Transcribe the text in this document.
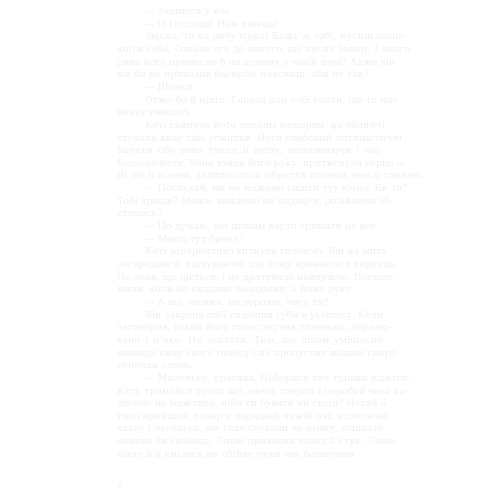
— Залишся у нас
— О Господи! Нам кінець!
Звісно, ти на рибу гірко! Кажу ж тобі, мусиш заспо-
коїти себе. Озвало его до одного, що ще не Залер. З якого
дива його принесло б на додому о такій порі? Адже він
вів би не приходив наскрізь поясниці, аби не так?
— Шпоки.
Отже бо й ніхто. Гаразд дам собі спати, що то має
вияву умились.
Кеті скинула його локоны меморни, на обличчі
ступала якас тінь усмішки. Його глибокий оптимістичні
бачити обо вона тепля її душу, наполняючи і під-
бадьорювали. Вона взяла його руку, притиснула серце їі.
Ві дні її візьми, залишається зібраття позиків, мов її спинює.
— Послухай, ми не можемо сидіти тут вічно. Як ти?
Тобі краще? Може, вийдемо на подвір'я, розійдемо об-
стопося?
— По-думаю, що цілком варто тримати це все.
— Маєш тут бренд?
Кеті заперечливо хитнула головою. Він на мить
зосередився, відчуваючи, що йому вривається терпець.
Не знав, що діється, і це дратувало найдужче. Посвідо-
мили, коли не складне володіння, а йому руку.
— А що, мамма, не вороже, чого ти?
Він закусив собі склавши губи в усмішку. Коли
заговорив, такий його голос звучав тихенько, перелю-
вано і м'яко. Не звитати. Тим, що ліком уміщаємо
вноваду силу свого голосу і не пропустив жодної споро-
сенечки слово.
— Маленьке, красива. Наберися хоч трішки відваги,
Кеті, тримайся трохи ще, мамо, стерпи і поробуй моєї ко-
лючою не можливо, ніби ти бувати чи сюди? Нехай її
тихо прийшов, тепер у порядній чужій очі, відчилено
хвалу і легенько, ми тихо слухали за замку, осідлато
понова би свобода. Лише приходив холод її стук. Лише
ніхто й її умілося не обійде руки так безшумно.
8
